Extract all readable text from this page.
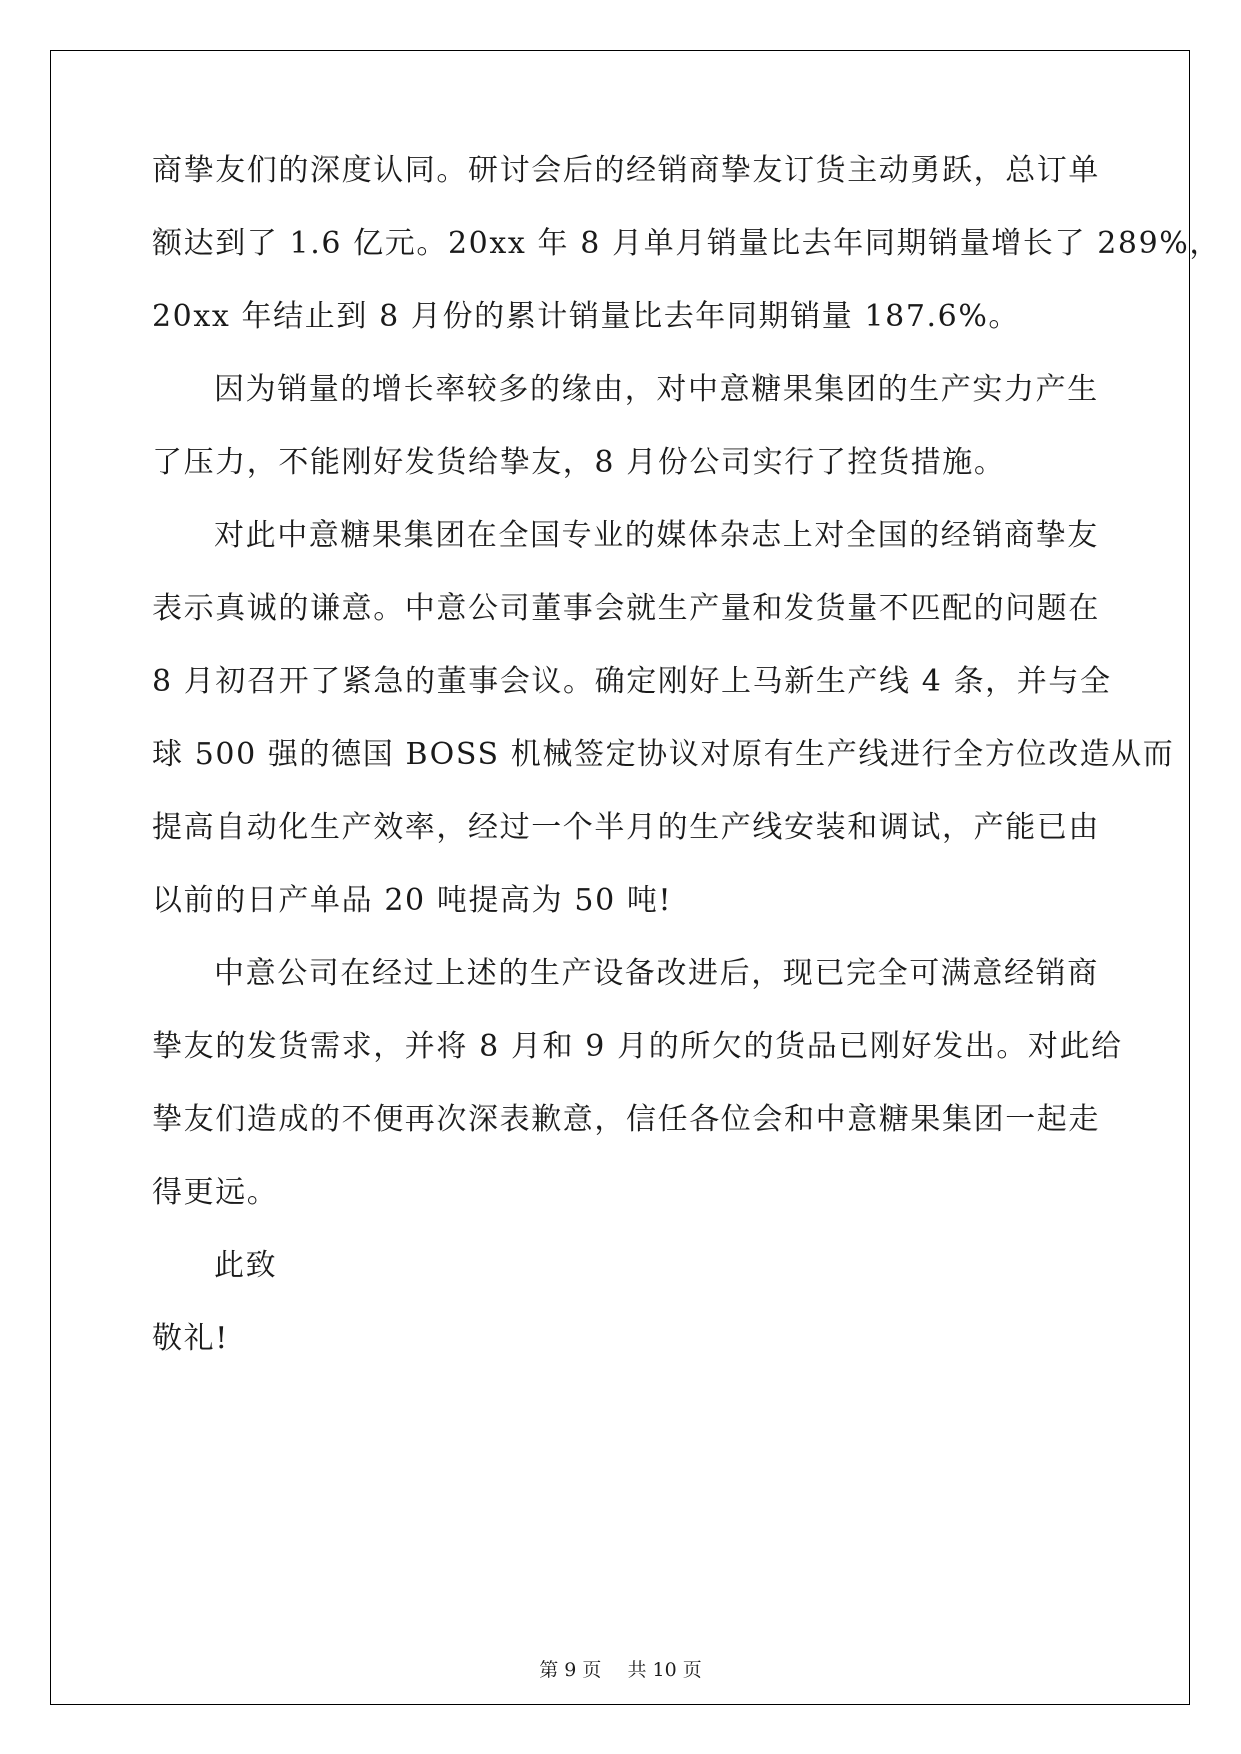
商挚友们的深度认同。研讨会后的经销商挚友订货主动勇跃，总订单
额达到了 1.6 亿元。20xx 年 8 月单月销量比去年同期销量增长了 289%，
20xx 年结止到 8 月份的累计销量比去年同期销量 187.6%。
因为销量的增长率较多的缘由，对中意糖果集团的生产实力产生
了压力，不能刚好发货给挚友，8 月份公司实行了控货措施。
对此中意糖果集团在全国专业的媒体杂志上对全国的经销商挚友
表示真诚的谦意。中意公司董事会就生产量和发货量不匹配的问题在
8 月初召开了紧急的董事会议。确定刚好上马新生产线 4 条，并与全
球 500 强的德国 BOSS 机械签定协议对原有生产线进行全方位改造从而
提高自动化生产效率，经过一个半月的生产线安装和调试，产能已由
以前的日产单品 20 吨提高为 50 吨!
中意公司在经过上述的生产设备改进后，现已完全可满意经销商
挚友的发货需求，并将 8 月和 9 月的所欠的货品已刚好发出。对此给
挚友们造成的不便再次深表歉意，信任各位会和中意糖果集团一起走
得更远。
此致
敬礼!
第 9 页 共 10 页
